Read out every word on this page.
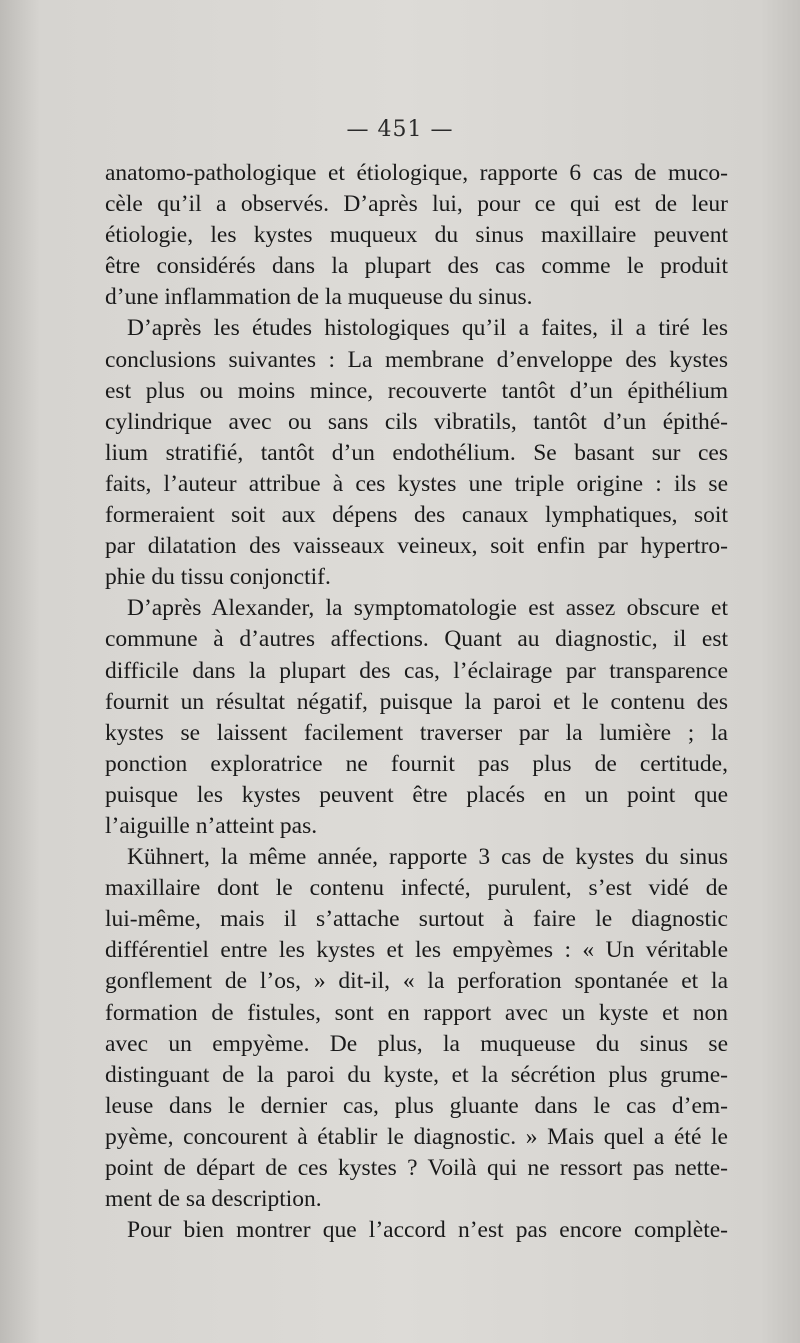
— 451 —
anatomo-pathologique et étiologique, rapporte 6 cas de muco-
cèle qu’il a observés. D’après lui, pour ce qui est de leur
étiologie, les kystes muqueux du sinus maxillaire peuvent
être considérés dans la plupart des cas comme le produit
d’une inflammation de la muqueuse du sinus.
D’après les études histologiques qu’il a faites, il a tiré les
conclusions suivantes : La membrane d’enveloppe des kystes
est plus ou moins mince, recouverte tantôt d’un épithélium
cylindrique avec ou sans cils vibratils, tantôt d’un épithé-
lium stratifié, tantôt d’un endothélium. Se basant sur ces
faits, l’auteur attribue à ces kystes une triple origine : ils se
formeraient soit aux dépens des canaux lymphatiques, soit
par dilatation des vaisseaux veineux, soit enfin par hypertro-
phie du tissu conjonctif.
D’après Alexander, la symptomatologie est assez obscure et
commune à d’autres affections. Quant au diagnostic, il est
difficile dans la plupart des cas, l’éclairage par transparence
fournit un résultat négatif, puisque la paroi et le contenu des
kystes se laissent facilement traverser par la lumière ; la
ponction exploratrice ne fournit pas plus de certitude,
puisque les kystes peuvent être placés en un point que
l’aiguille n’atteint pas.
Kühnert, la même année, rapporte 3 cas de kystes du sinus
maxillaire dont le contenu infecté, purulent, s’est vidé de
lui-même, mais il s’attache surtout à faire le diagnostic
différentiel entre les kystes et les empyèmes : « Un véritable
gonflement de l’os, » dit-il, « la perforation spontanée et la
formation de fistules, sont en rapport avec un kyste et non
avec un empyème. De plus, la muqueuse du sinus se
distinguant de la paroi du kyste, et la sécrétion plus grume-
leuse dans le dernier cas, plus gluante dans le cas d’em-
pyème, concourent à établir le diagnostic. » Mais quel a été le
point de départ de ces kystes ? Voilà qui ne ressort pas nette-
ment de sa description.
Pour bien montrer que l’accord n’est pas encore complète-
